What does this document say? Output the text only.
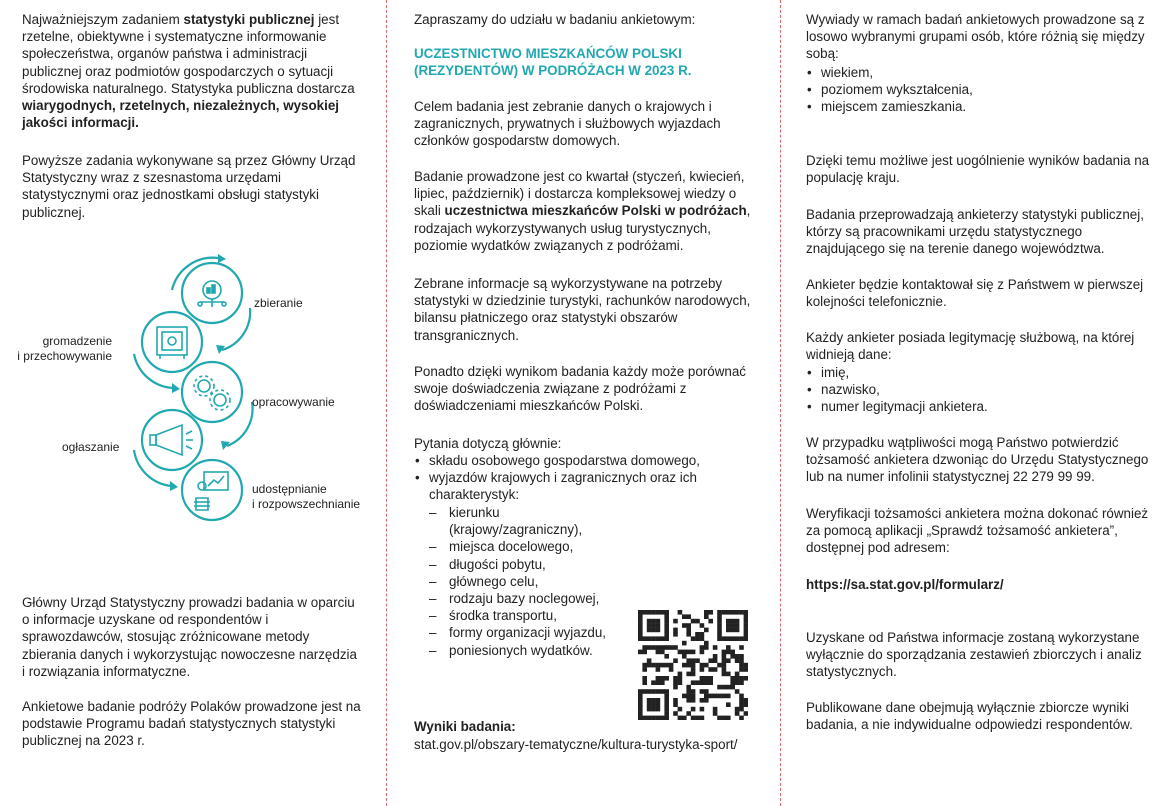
Najważniejszym zadaniem statystyki publicznej jest rzetelne, obiektywne i systematyczne informowanie społeczeństwa, organów państwa i administracji publicznej oraz podmiotów gospodarczych o sytuacji środowiska naturalnego. Statystyka publiczna dostarcza wiarygodnych, rzetelnych, niezależnych, wysokiej jakości informacji.

Powyższe zadania wykonywane są przez Główny Urząd Statystyczny wraz z szesnastoma urzędami statystycznymi oraz jednostkami obsługi statystyki publicznej.

zbieranie
gromadzenie
i przechowywanie
opracowywanie
ogłaszanie
udostępnianie
i rozpowszechnianie

Główny Urząd Statystyczny prowadzi badania w oparciu o informacje uzyskane od respondentów i sprawozdawców, stosując zróżnicowane metody zbierania danych i wykorzystując nowoczesne narzędzia i rozwiązania informatyczne.

Ankietowe badanie podróży Polaków prowadzone jest na podstawie Programu badań statystycznych statystyki publicznej na 2023 r.

Zapraszamy do udziału w badaniu ankietowym:

UCZESTNICTWO MIESZKAŃCÓW POLSKI (REZYDENTÓW) W PODRÓŻACH W 2023 R.

Celem badania jest zebranie danych o krajowych i zagranicznych, prywatnych i służbowych wyjazdach członków gospodarstw domowych.

Badanie prowadzone jest co kwartał (styczeń, kwiecień, lipiec, październik) i dostarcza kompleksowej wiedzy o skali uczestnictwa mieszkańców Polski w podróżach, rodzajach wykorzystywanych usług turystycznych, poziomie wydatków związanych z podróżami.

Zebrane informacje są wykorzystywane na potrzeby statystyki w dziedzinie turystyki, rachunków narodowych, bilansu płatniczego oraz statystyki obszarów transgranicznych.

Ponadto dzięki wynikom badania każdy może porównać swoje doświadczenia związane z podróżami z doświadczeniami mieszkańców Polski.

Pytania dotyczą głównie:

• składu osobowego gospodarstwa domowego,
• wyjazdów krajowych i zagranicznych oraz ich charakterystyk:
– kierunku (krajowy/zagraniczny),
– miejsca docelowego,
– długości pobytu,
– głównego celu,
– rodzaju bazy noclegowej,
– środka transportu,
– formy organizacji wyjazdu,
– poniesionych wydatków.

Wyniki badania:

stat.gov.pl/obszary-tematyczne/kultura-turystyka-sport/

Wywiady w ramach badań ankietowych prowadzone są z losowo wybranymi grupami osób, które różnią się między sobą:

• wiekiem,
• poziomem wykształcenia,
• miejscem zamieszkania.

Dzięki temu możliwe jest uogólnienie wyników badania na populację kraju.

Badania przeprowadzają ankieterzy statystyki publicznej, którzy są pracownikami urzędu statystycznego znajdującego się na terenie danego województwa.

Ankieter będzie kontaktował się z Państwem w pierwszej kolejności telefonicznie.

Każdy ankieter posiada legitymację służbową, na której widnieją dane:

• imię,
• nazwisko,
• numer legitymacji ankietera.

W przypadku wątpliwości mogą Państwo potwierdzić tożsamość ankietera dzwoniąc do Urzędu Statystycznego lub na numer infolinii statystycznej 22 279 99 99.

Weryfikacji tożsamości ankietera można dokonać również za pomocą aplikacji „Sprawdź tożsamość ankietera”, dostępnej pod adresem:

https://sa.stat.gov.pl/formularz/

Uzyskane od Państwa informacje zostaną wykorzystane wyłącznie do sporządzania zestawień zbiorczych i analiz statystycznych.

Publikowane dane obejmują wyłącznie zbiorcze wyniki badania, a nie indywidualne odpowiedzi respondentów.
